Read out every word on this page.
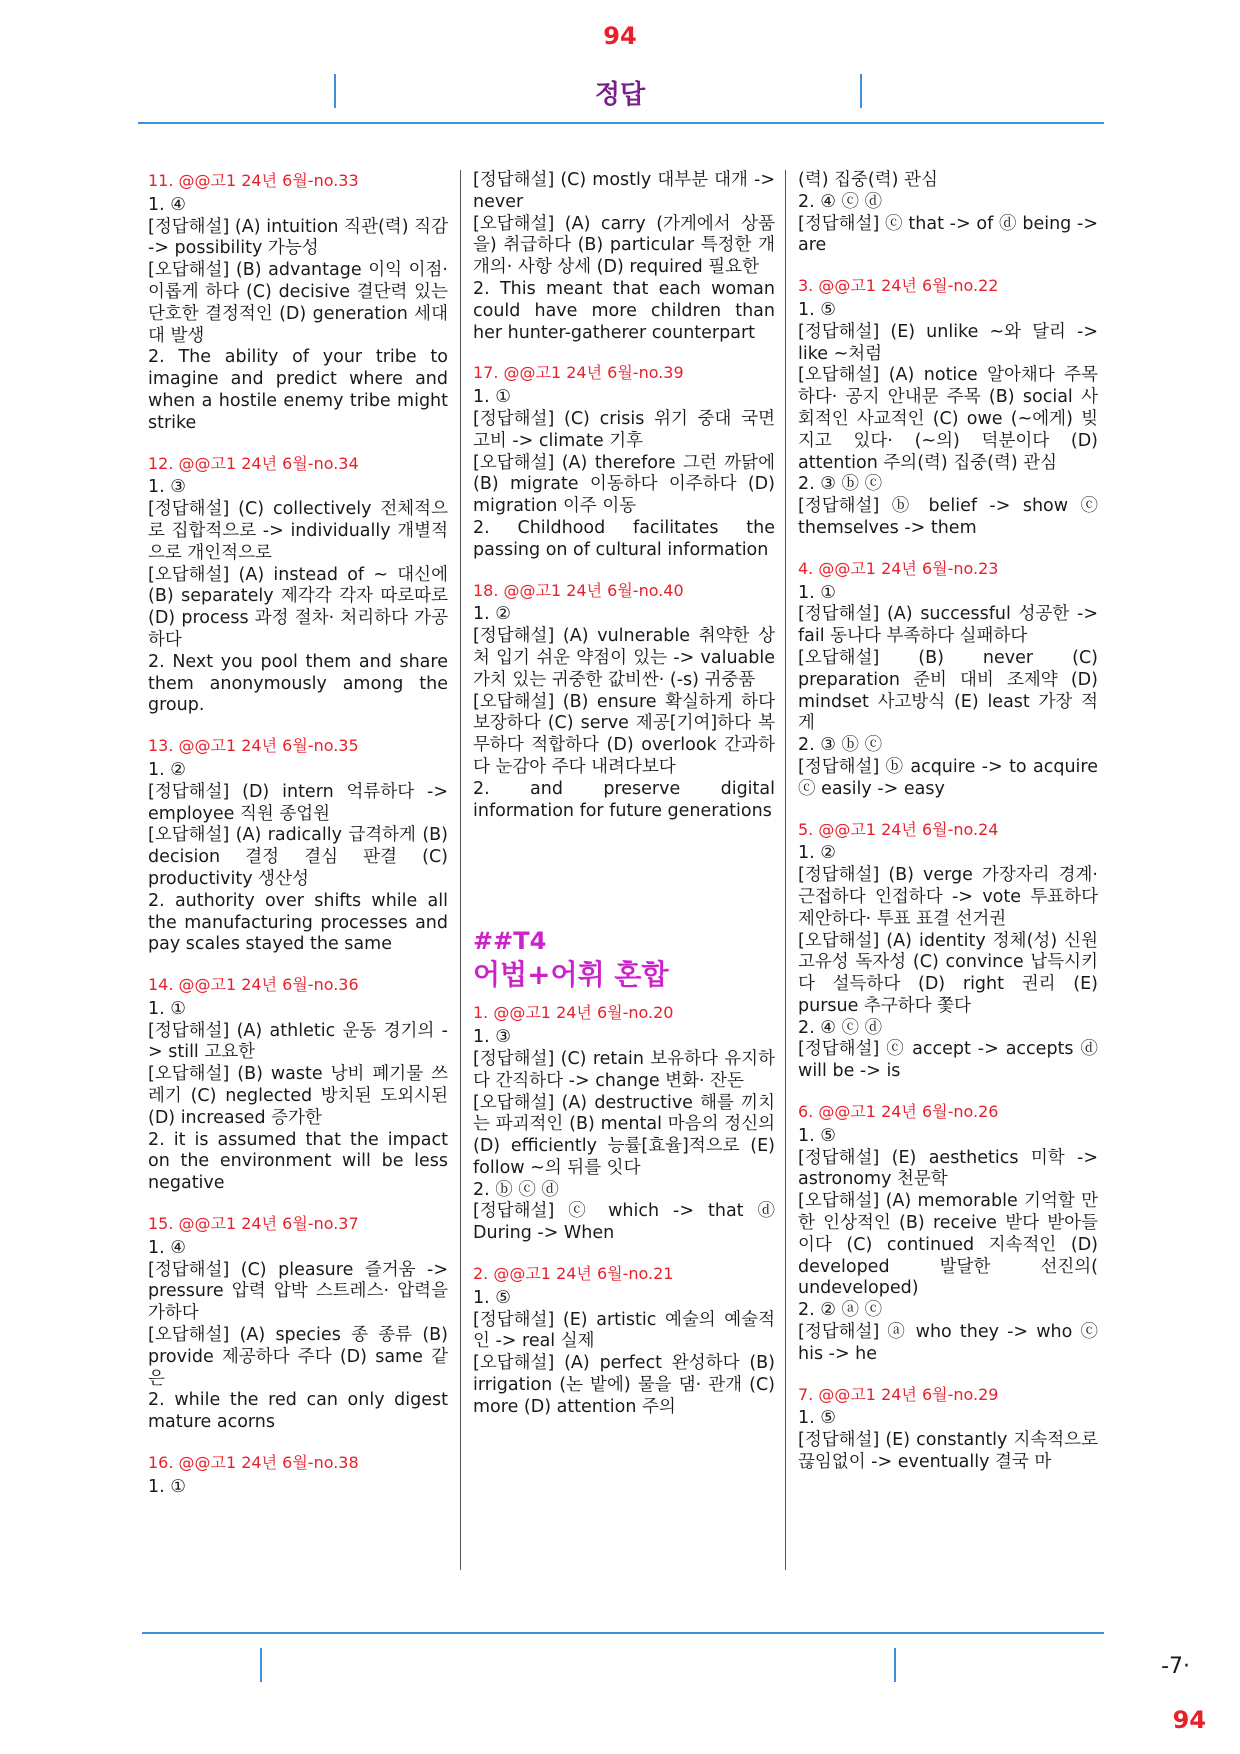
94
정답
11. @@고1 24년 6월-no.33
1. ④
[정답해설] (A) intuition 직관(력) 직감 -> possibility 가능성
[오답해설] (B) advantage 이익 이점· 이롭게 하다 (C) decisive 결단력 있는 단호한 결정적인 (D) generation 세대 대 발생
2. The ability of your tribe to imagine and predict where and when a hostile enemy tribe might strike
12. @@고1 24년 6월-no.34
1. ③
[정답해설] (C) collectively 전체적으로 집합적으로 -> individually 개별적으로 개인적으로
[오답해설] (A) instead of ~ 대신에 (B) separately 제각각 각자 따로따로 (D) process 과정 절차· 처리하다 가공하다
2. Next you pool them and share them anonymously among the group.
13. @@고1 24년 6월-no.35
1. ②
[정답해설] (D) intern 억류하다 -> employee 직원 종업원
[오답해설] (A) radically 급격하게 (B) decision 결정 결심 판결 (C) productivity 생산성
2. authority over shifts while all the manufacturing processes and pay scales stayed the same
14. @@고1 24년 6월-no.36
1. ①
[정답해설] (A) athletic 운동 경기의 -> still 고요한
[오답해설] (B) waste 낭비 폐기물 쓰레기 (C) neglected 방치된 도외시된 (D) increased 증가한
2. it is assumed that the impact on the environment will be less negative
15. @@고1 24년 6월-no.37
1. ④
[정답해설] (C) pleasure 즐거움 -> pressure 압력 압박 스트레스· 압력을 가하다
[오답해설] (A) species 종 종류 (B) provide 제공하다 주다 (D) same 같은
2. while the red can only digest mature acorns
16. @@고1 24년 6월-no.38
1. ①
[정답해설] (C) mostly 대부분 대개 -> never
[오답해설] (A) carry (가게에서 상품을) 취급하다 (B) particular 특정한 개개의· 사항 상세 (D) required 필요한
2. This meant that each woman could have more children than her hunter-gatherer counterpart
17. @@고1 24년 6월-no.39
1. ①
[정답해설] (C) crisis 위기 중대 국면 고비 -> climate 기후
[오답해설] (A) therefore 그런 까닭에 (B) migrate 이동하다 이주하다 (D) migration 이주 이동
2. Childhood facilitates the passing on of cultural information
18. @@고1 24년 6월-no.40
1. ②
[정답해설] (A) vulnerable 취약한 상처 입기 쉬운 약점이 있는 -> valuable 가치 있는 귀중한 값비싼· (-s) 귀중품
[오답해설] (B) ensure 확실하게 하다 보장하다 (C) serve 제공[기여]하다 복무하다 적합하다 (D) overlook 간과하다 눈감아 주다 내려다보다
2. and preserve digital information for future generations
##T4
어법+어휘 혼합
1. @@고1 24년 6월-no.20
1. ③
[정답해설] (C) retain 보유하다 유지하다 간직하다 -> change 변화· 잔돈
[오답해설] (A) destructive 해를 끼치는 파괴적인 (B) mental 마음의 정신의 (D) efficiently 능률[효율]적으로 (E) follow ~의 뒤를 잇다
2. ⓑ ⓒ ⓓ
[정답해설] ⓒ which -> that ⓓ During -> When
2. @@고1 24년 6월-no.21
1. ⑤
[정답해설] (E) artistic 예술의 예술적인 -> real 실제
[오답해설] (A) perfect 완성하다 (B) irrigation (논 밭에) 물을 댐· 관개 (C) more (D) attention 주의
(력) 집중(력) 관심
2. ④ ⓒ ⓓ
[정답해설] ⓒ that -> of ⓓ being -> are
3. @@고1 24년 6월-no.22
1. ⑤
[정답해설] (E) unlike ~와 달리 -> like ~처럼
[오답해설] (A) notice 알아채다 주목하다· 공지 안내문 주목 (B) social 사회적인 사교적인 (C) owe (~에게) 빚지고 있다· (~의) 덕분이다 (D) attention 주의(력) 집중(력) 관심
2. ③ ⓑ ⓒ
[정답해설] ⓑ belief -> show ⓒ themselves -> them
4. @@고1 24년 6월-no.23
1. ①
[정답해설] (A) successful 성공한 -> fail 동나다 부족하다 실패하다
[오답해설] (B) never (C) preparation 준비 대비 조제약 (D) mindset 사고방식 (E) least 가장 적게
2. ③ ⓑ ⓒ
[정답해설] ⓑ acquire -> to acquire ⓒ easily -> easy
5. @@고1 24년 6월-no.24
1. ②
[정답해설] (B) verge 가장자리 경계· 근접하다 인접하다 -> vote 투표하다 제안하다· 투표 표결 선거권
[오답해설] (A) identity 정체(성) 신원 고유성 독자성 (C) convince 납득시키다 설득하다 (D) right 권리 (E) pursue 추구하다 쫓다
2. ④ ⓒ ⓓ
[정답해설] ⓒ accept -> accepts ⓓ will be -> is
6. @@고1 24년 6월-no.26
1. ⑤
[정답해설] (E) aesthetics 미학 -> astronomy 천문학
[오답해설] (A) memorable 기억할 만한 인상적인 (B) receive 받다 받아들이다 (C) continued 지속적인 (D) developed 발달한 선진의( undeveloped)
2. ② ⓐ ⓒ
[정답해설] ⓐ who they -> who ⓒ his -> he
7. @@고1 24년 6월-no.29
1. ⑤
[정답해설] (E) constantly 지속적으로 끊임없이 -> eventually 결국 마
-7·
94
